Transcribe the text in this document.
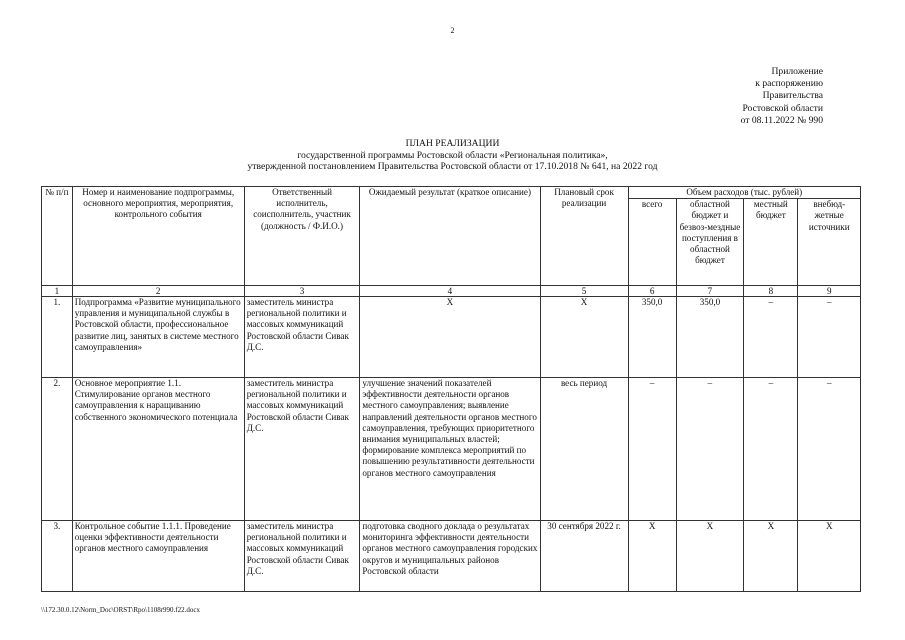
2
Приложение
к распоряжению
Правительства
Ростовской области
от 08.11.2022 № 990
ПЛАН РЕАЛИЗАЦИИ
государственной программы Ростовской области «Региональная политика»,
утвержденной постановлением Правительства Ростовской области от 17.10.2018 № 641, на 2022 год
№ п/п	Номер и наименование подпрограммы, основного мероприятия, мероприятия, контрольного события	Ответственный исполнитель, соисполнитель, участник (должность / Ф.И.О.)	Ожидаемый результат (краткое описание)	Плановый срок реализации	Объем расходов (тыс. рублей)			
					всего	областной бюджет и безвоз-мездные поступления в областной бюджет	местный бюджет	внебюд-жетные источники
1	2	3	4	5	6	7	8	9
1.	Подпрограмма «Развитие муниципального управления и муниципальной службы в Ростовской области, профессиональное развитие лиц, занятых в системе местного самоуправления»	заместитель министра региональной политики и массовых коммуникаций Ростовской области Сивак Д.С.	Х	Х	350,0	350,0	–	–
2.	Основное мероприятие 1.1. Стимулирование органов местного самоуправления к наращиванию собственного экономического потенциала	заместитель министра региональной политики и массовых коммуникаций Ростовской области Сивак Д.С.	улучшение значений показателей эффективности деятельности органов местного самоуправления; выявление направлений деятельности органов местного самоуправления, требующих приоритетного внимания муниципальных властей; формирование комплекса мероприятий по повышению результативности деятельности органов местного самоуправления	весь период	–	–	–	–
3.	Контрольное событие 1.1.1. Проведение оценки эффективности деятельности органов местного самоуправления	заместитель министра региональной политики и массовых коммуникаций Ростовской области Сивак Д.С.	подготовка сводного доклада о результатах мониторинга эффективности деятельности органов местного самоуправления городских округов и муниципальных районов Ростовской области	30 сентября 2022 г.	Х	Х	Х	Х
\\172.30.0.12\Norm_Doc\ORST\Rpo\1108r990.f22.docx
